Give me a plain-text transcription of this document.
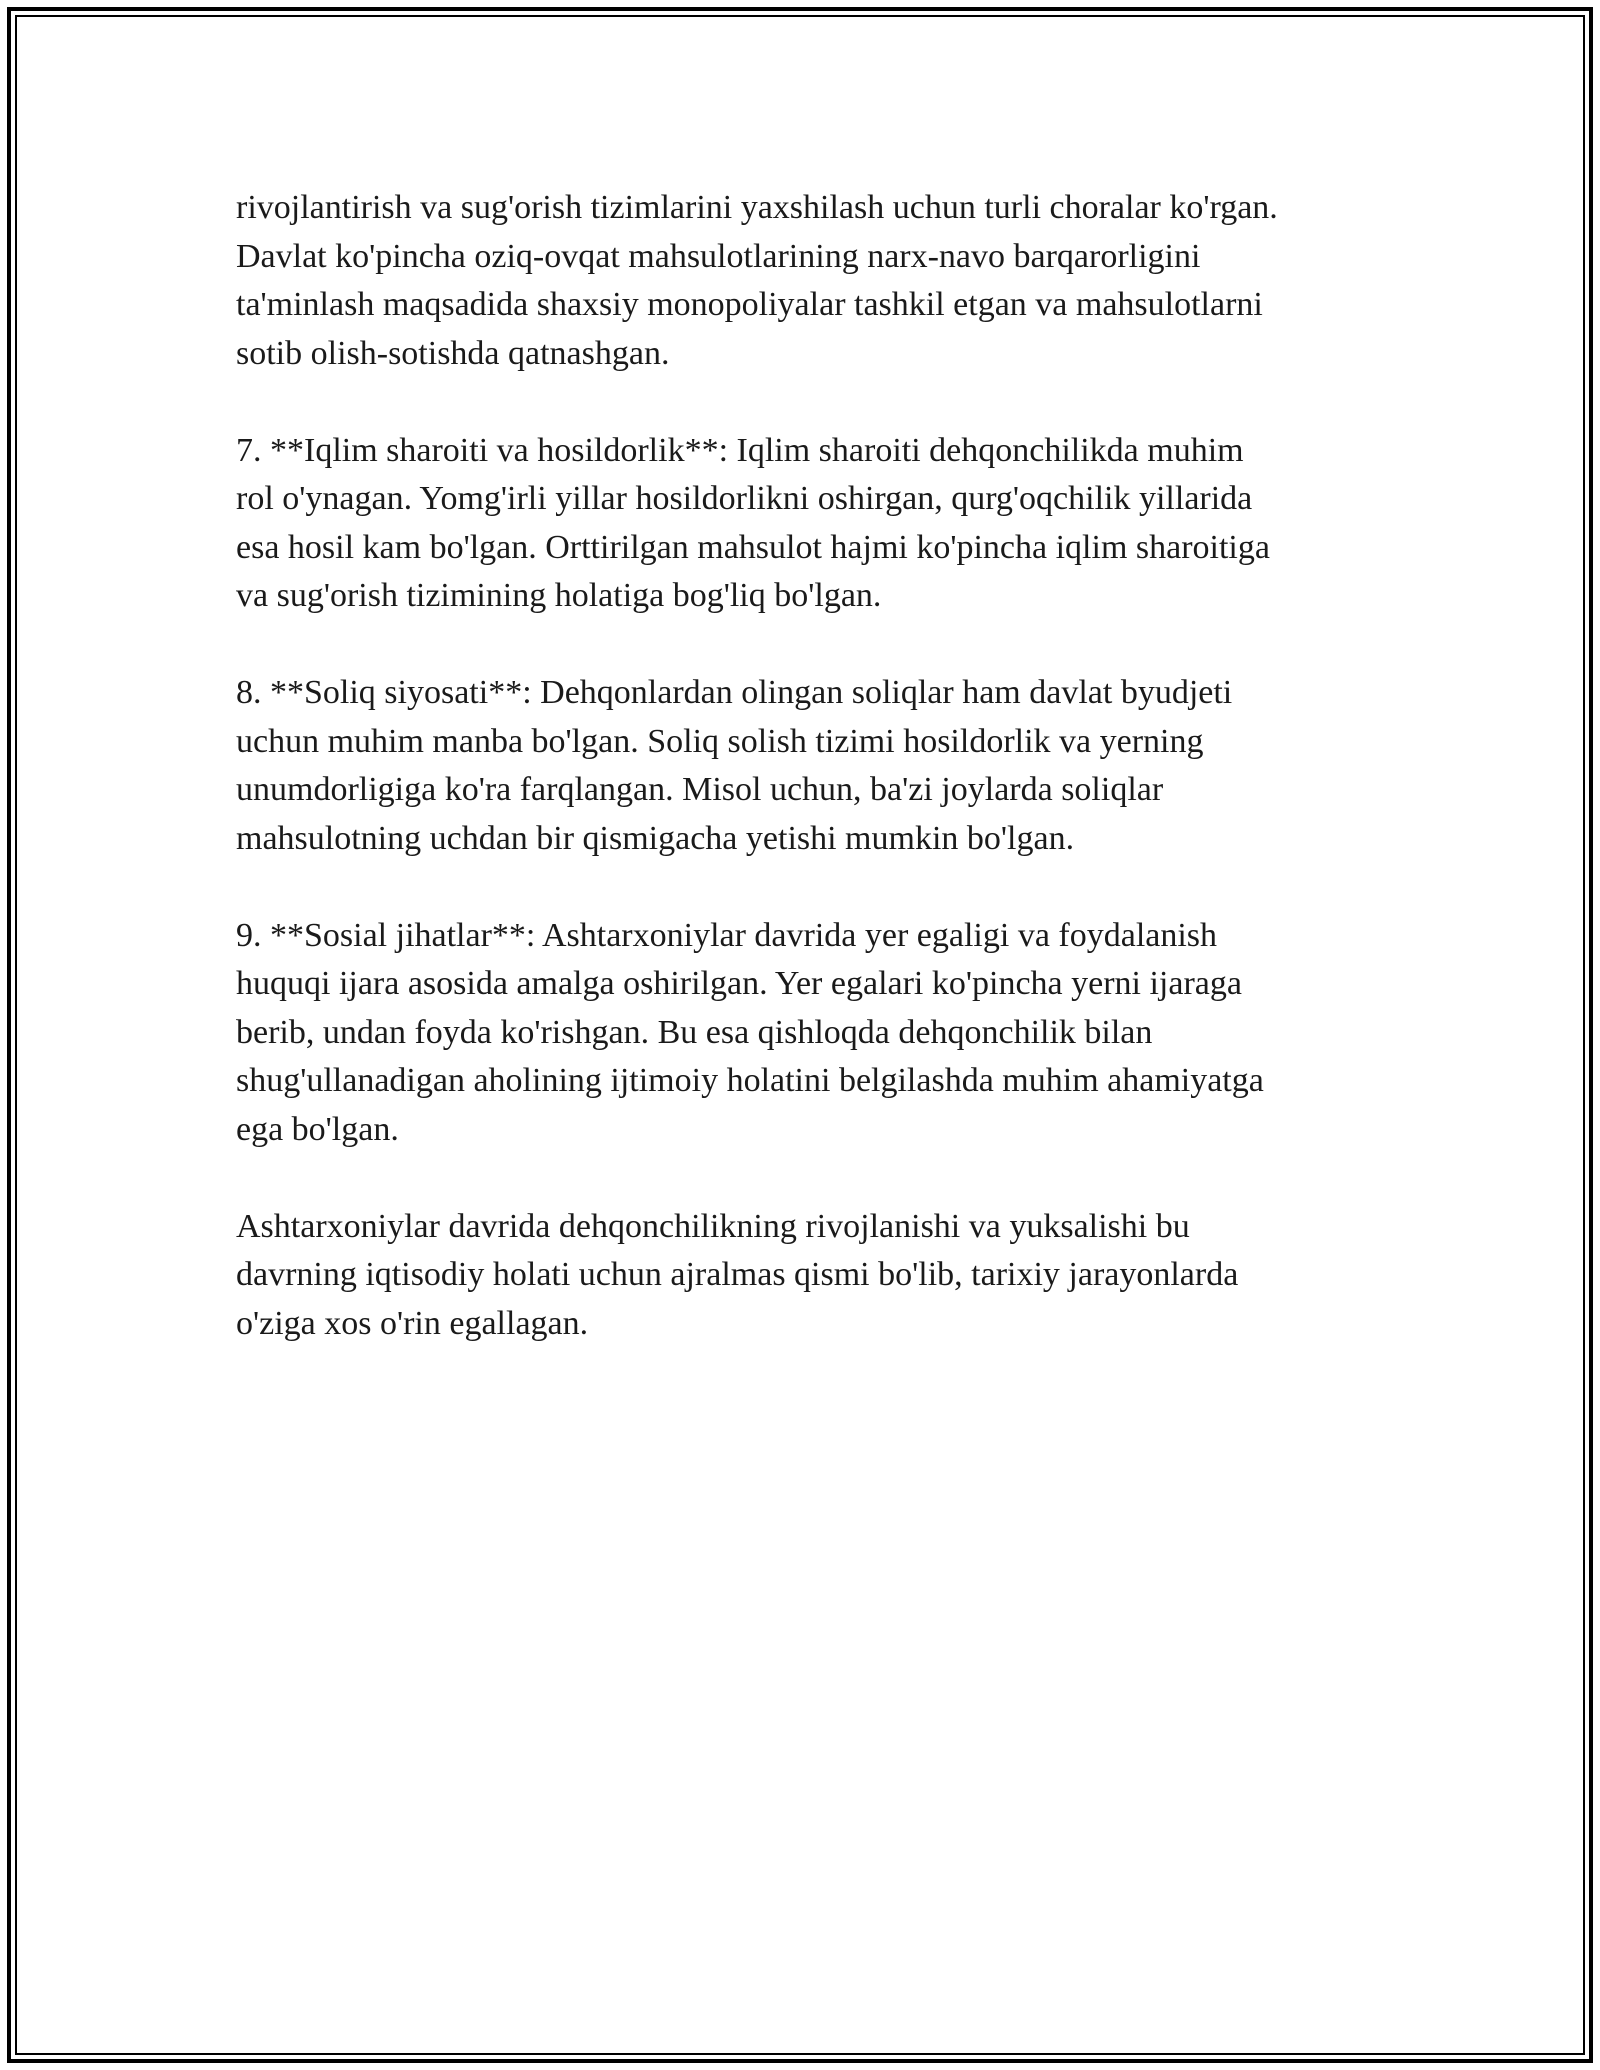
rivojlantirish va sug'orish tizimlarini yaxshilash uchun turli choralar ko'rgan.
Davlat ko'pincha oziq-ovqat mahsulotlarining narx-navo barqarorligini
ta'minlash maqsadida shaxsiy monopoliyalar tashkil etgan va mahsulotlarni
sotib olish-sotishda qatnashgan.

7. **Iqlim sharoiti va hosildorlik**: Iqlim sharoiti dehqonchilikda muhim
rol o'ynagan. Yomg'irli yillar hosildorlikni oshirgan, qurg'oqchilik yillarida
esa hosil kam bo'lgan. Orttirilgan mahsulot hajmi ko'pincha iqlim sharoitiga
va sug'orish tizimining holatiga bog'liq bo'lgan.

8. **Soliq siyosati**: Dehqonlardan olingan soliqlar ham davlat byudjeti
uchun muhim manba bo'lgan. Soliq solish tizimi hosildorlik va yerning
unumdorligiga ko'ra farqlangan. Misol uchun, ba'zi joylarda soliqlar
mahsulotning uchdan bir qismigacha yetishi mumkin bo'lgan.

9. **Sosial jihatlar**: Ashtarxoniylar davrida yer egaligi va foydalanish
huquqi ijara asosida amalga oshirilgan. Yer egalari ko'pincha yerni ijaraga
berib, undan foyda ko'rishgan. Bu esa qishloqda dehqonchilik bilan
shug'ullanadigan aholining ijtimoiy holatini belgilashda muhim ahamiyatga
ega bo'lgan.

Ashtarxoniylar davrida dehqonchilikning rivojlanishi va yuksalishi bu
davrning iqtisodiy holati uchun ajralmas qismi bo'lib, tarixiy jarayonlarda
o'ziga xos o'rin egallagan.
